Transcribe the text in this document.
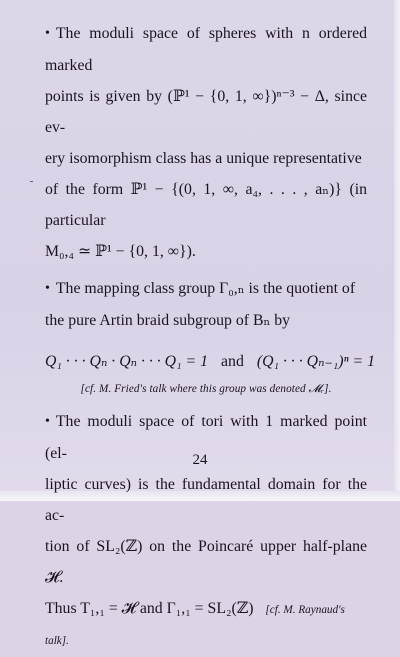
• The moduli space of spheres with n ordered marked
points is given by (ℙ¹ − {0, 1, ∞})ⁿ⁻³ − Δ, since ev-
ery isomorphism class has a unique representative
of the form ℙ¹ − {(0, 1, ∞, a₄, . . . , aₙ)} (in particular
M₀,₄ ≃ ℙ¹ − {0, 1, ∞}).
• The mapping class group Γ₀,ₙ is the quotient of
the pure Artin braid subgroup of Bₙ by
Q₁ · · · Qₙ · Qₙ · · · Q₁ = 1 and (Q₁ · · · Qₙ₋₁)ⁿ = 1
[cf. M. Fried's talk where this group was denoted 𝓜ᵣ].
• The moduli space of tori with 1 marked point (el-
liptic curves) is the fundamental domain for the ac-
tion of SL₂(ℤ) on the Poincaré upper half-plane 𝓗.
Thus T₁,₁ = 𝓗 and Γ₁,₁ = SL₂(ℤ) [cf. M. Raynaud's
talk].
24
